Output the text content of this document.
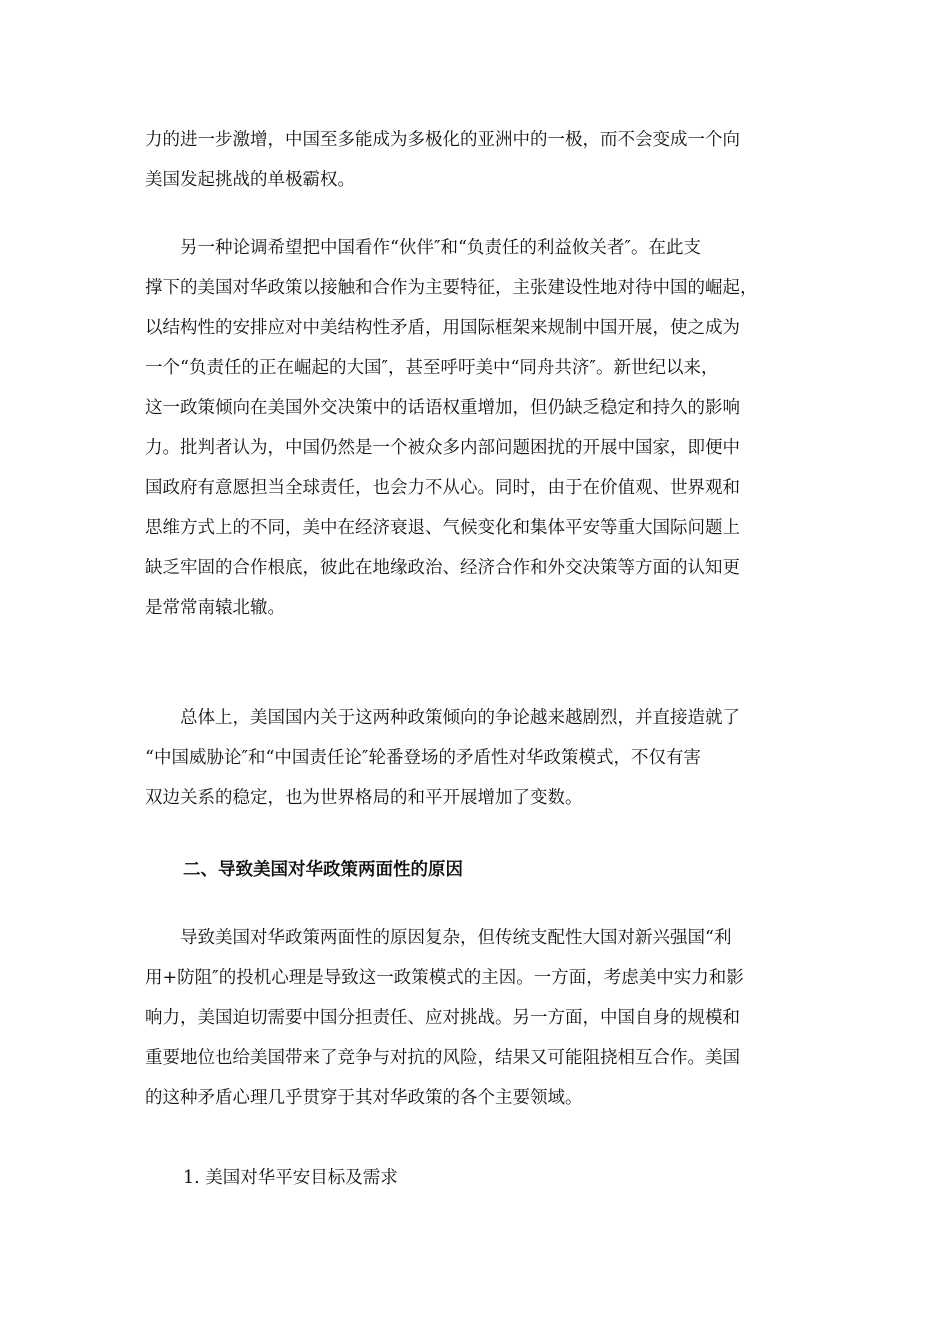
力的进一步激增，中国至多能成为多极化的亚洲中的一极，而不会变成一个向
美国发起挑战的单极霸权。
　　另一种论调希望把中国看作“伙伴″和“负责任的利益攸关者″。在此支
撑下的美国对华政策以接触和合作为主要特征，主张建设性地对待中国的崛起，
以结构性的安排应对中美结构性矛盾，用国际框架来规制中国开展，使之成为
一个“负责任的正在崛起的大国″，甚至呼吁美中“同舟共济″。新世纪以来，
这一政策倾向在美国外交决策中的话语权重增加，但仍缺乏稳定和持久的影响
力。批判者认为，中国仍然是一个被众多内部问题困扰的开展中国家，即便中
国政府有意愿担当全球责任，也会力不从心。同时，由于在价值观、世界观和
思维方式上的不同，美中在经济衰退、气候变化和集体平安等重大国际问题上
缺乏牢固的合作根底，彼此在地缘政治、经济合作和外交决策等方面的认知更
是常常南辕北辙。
　　总体上，美国国内关于这两种政策倾向的争论越来越剧烈，并直接造就了
“中国威胁论″和“中国责任论″轮番登场的矛盾性对华政策模式，不仅有害
双边关系的稳定，也为世界格局的和平开展增加了变数。
二、导致美国对华政策两面性的原因
　　导致美国对华政策两面性的原因复杂，但传统支配性大国对新兴强国“利
用+防阻″的投机心理是导致这一政策模式的主因。一方面，考虑美中实力和影
响力，美国迫切需要中国分担责任、应对挑战。另一方面，中国自身的规模和
重要地位也给美国带来了竞争与对抗的风险，结果又可能阻挠相互合作。美国
的这种矛盾心理几乎贯穿于其对华政策的各个主要领域。

1. 美国对华平安目标及需求
